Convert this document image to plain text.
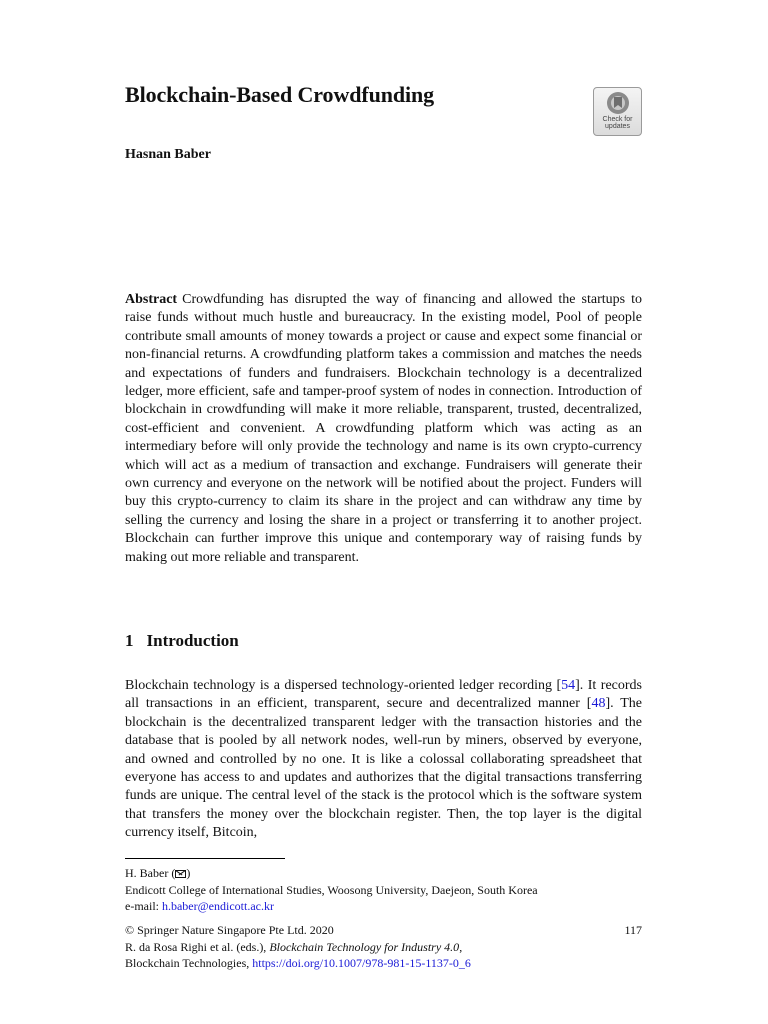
Blockchain-Based Crowdfunding
Check for
updates
Hasnan Baber
Abstract Crowdfunding has disrupted the way of financing and allowed the startups to raise funds without much hustle and bureaucracy. In the existing model, Pool of people contribute small amounts of money towards a project or cause and expect some financial or non-financial returns. A crowdfunding platform takes a commission and matches the needs and expectations of funders and fundraisers. Blockchain technology is a decentralized ledger, more efficient, safe and tamper-proof system of nodes in connection. Introduction of blockchain in crowdfunding will make it more reliable, transparent, trusted, decentralized, cost-efficient and convenient. A crowdfunding platform which was acting as an intermediary before will only provide the technology and name is its own crypto-currency which will act as a medium of transaction and exchange. Fundraisers will generate their own currency and everyone on the network will be notified about the project. Funders will buy this crypto-currency to claim its share in the project and can withdraw any time by selling the currency and losing the share in a project or transferring it to another project. Blockchain can further improve this unique and contemporary way of raising funds by making out more reliable and transparent.
1 Introduction
Blockchain technology is a dispersed technology-oriented ledger recording [54]. It records all transactions in an efficient, transparent, secure and decentralized manner [48]. The blockchain is the decentralized transparent ledger with the transaction histories and the database that is pooled by all network nodes, well-run by miners, observed by everyone, and owned and controlled by no one. It is like a colossal collaborating spreadsheet that everyone has access to and updates and authorizes that the digital transactions transferring funds are unique. The central level of the stack is the protocol which is the software system that transfers the money over the blockchain register. Then, the top layer is the digital currency itself, Bitcoin,
H. Baber ( )
Endicott College of International Studies, Woosong University, Daejeon, South Korea
e-mail: h.baber@endicott.ac.kr
© Springer Nature Singapore Pte Ltd. 2020	117
R. da Rosa Righi et al. (eds.), Blockchain Technology for Industry 4.0,
Blockchain Technologies, https://doi.org/10.1007/978-981-15-1137-0_6
